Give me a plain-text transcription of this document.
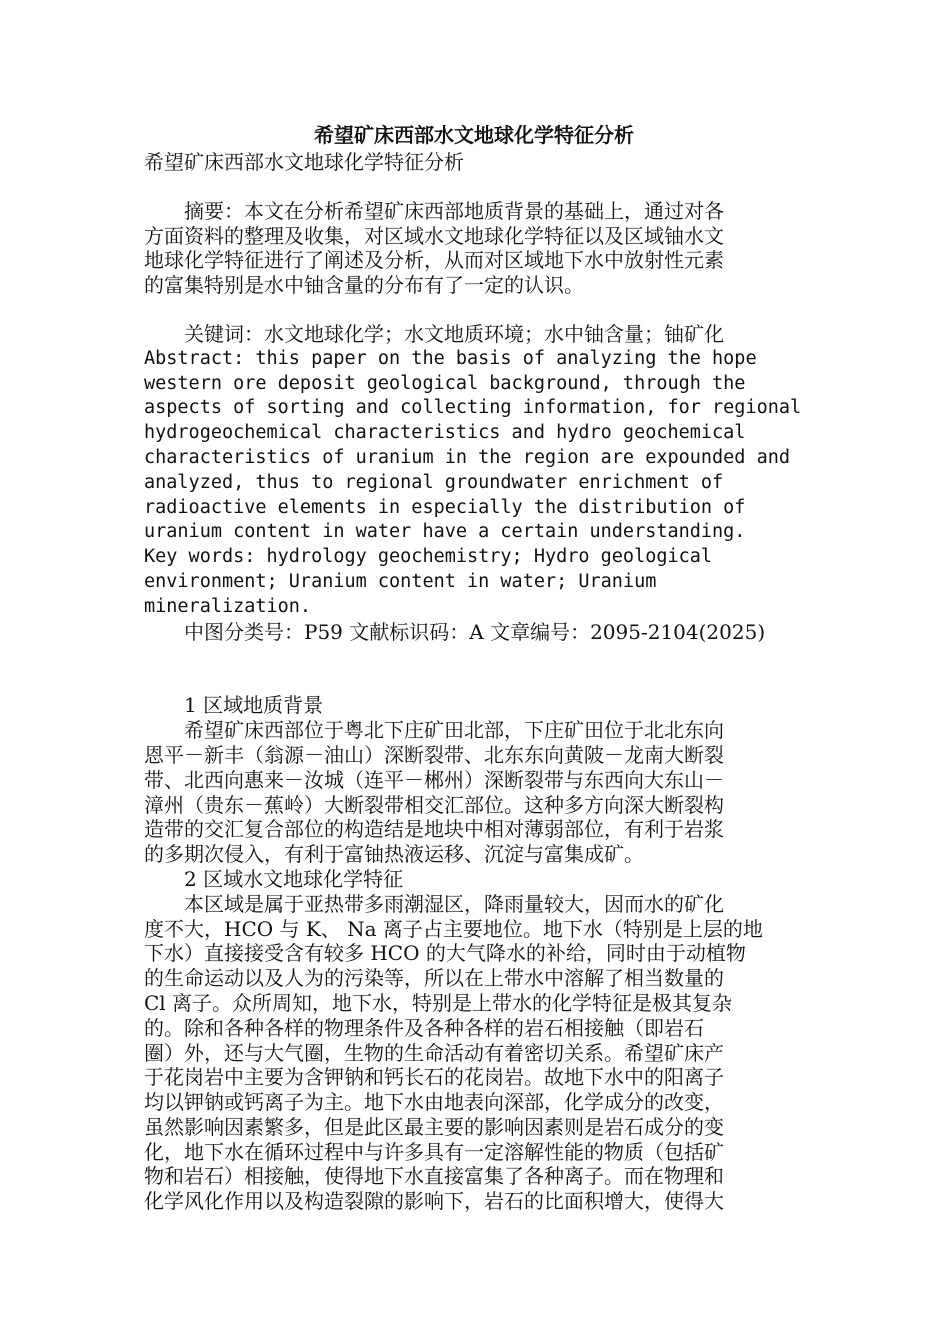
希望矿床西部水文地球化学特征分析

希望矿床西部水文地球化学特征分析

　　摘要：本文在分析希望矿床西部地质背景的基础上，通过对各
方面资料的整理及收集，对区域水文地球化学特征以及区域铀水文
地球化学特征进行了阐述及分析，从而对区域地下水中放射性元素
的富集特别是水中铀含量的分布有了一定的认识。
　　关键词：水文地球化学；水文地质环境；水中铀含量；铀矿化
Abstract: this paper on the basis of analyzing the hope
western ore deposit geological background, through the
aspects of sorting and collecting information, for regional
hydrogeochemical characteristics and hydro geochemical
characteristics of uranium in the region are expounded and
analyzed, thus to regional groundwater enrichment of
radioactive elements in especially the distribution of
uranium content in water have a certain understanding.
Key words: hydrology geochemistry; Hydro geological
environment; Uranium content in water; Uranium
mineralization.
　　中图分类号：P59 文献标识码：A 文章编号：2095-2104(2025)
　　1 区域地质背景
　　希望矿床西部位于粤北下庄矿田北部，下庄矿田位于北北东向
恩平－新丰（翁源－油山）深断裂带、北东东向黄陂－龙南大断裂
带、北西向惠来－汝城（连平－郴州）深断裂带与东西向大东山－
漳州（贵东－蕉岭）大断裂带相交汇部位。这种多方向深大断裂构
造带的交汇复合部位的构造结是地块中相对薄弱部位，有利于岩浆
的多期次侵入，有利于富铀热液运移、沉淀与富集成矿。
　　2 区域水文地球化学特征
　　本区域是属于亚热带多雨潮湿区，降雨量较大，因而水的矿化
度不大，HCO 与 K、 Na 离子占主要地位。地下水（特别是上层的地
下水）直接接受含有较多 HCO 的大气降水的补给，同时由于动植物
的生命运动以及人为的污染等，所以在上带水中溶解了相当数量的
Cl 离子。众所周知，地下水，特别是上带水的化学特征是极其复杂
的。除和各种各样的物理条件及各种各样的岩石相接触（即岩石
圈）外，还与大气圈，生物的生命活动有着密切关系。希望矿床产
于花岗岩中主要为含钾钠和钙长石的花岗岩。故地下水中的阳离子
均以钾钠或钙离子为主。地下水由地表向深部，化学成分的改变，
虽然影响因素繁多，但是此区最主要的影响因素则是岩石成分的变
化，地下水在循环过程中与许多具有一定溶解性能的物质（包括矿
物和岩石）相接触，使得地下水直接富集了各种离子。而在物理和
化学风化作用以及构造裂隙的影响下，岩石的比面积增大，使得大
